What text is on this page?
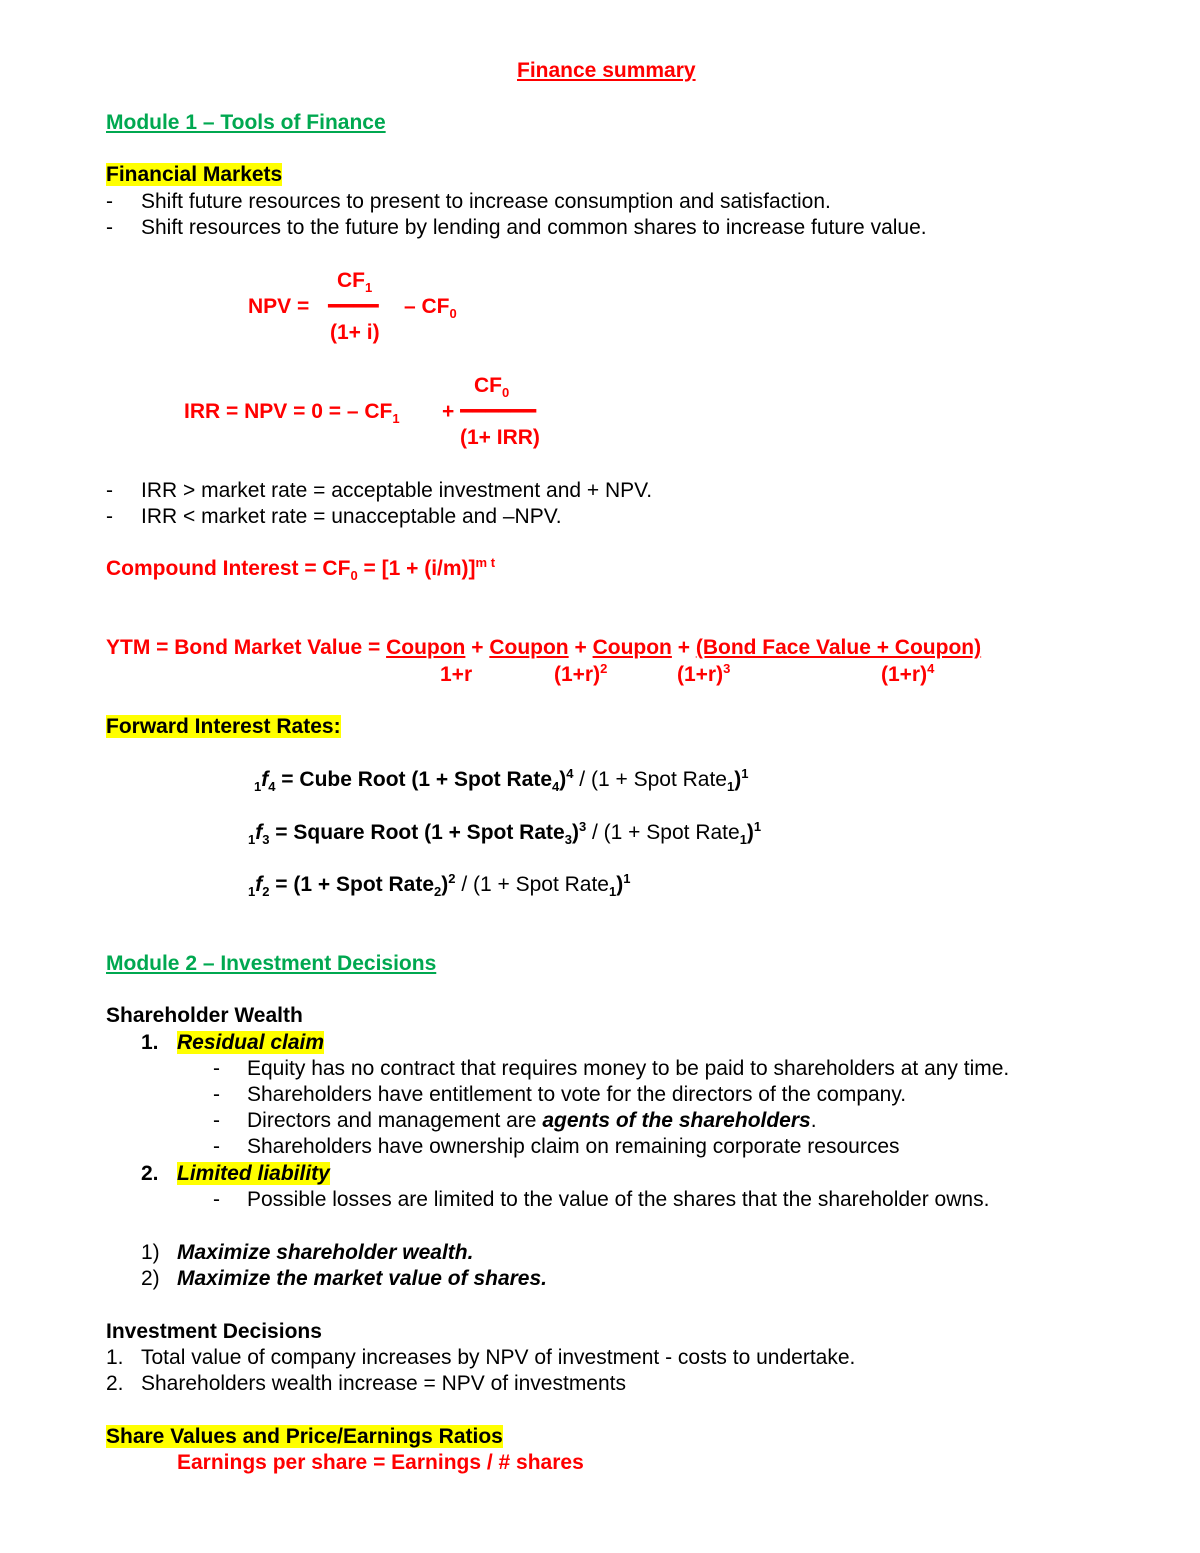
Finance summary
Module 1 – Tools of Finance
Financial Markets
- Shift future resources to present to increase consumption and satisfaction.
- Shift resources to the future by lending and common shares to increase future value.
$CF_1$
NPV = ━━━━ – $CF_0$
(1+ i)
$CF_0$
IRR = NPV = 0 = – $CF_1$ + ━━━━━━
(1+ IRR)
- IRR > market rate = acceptable investment and + NPV.
- IRR < market rate = unacceptable and –NPV.
Compound Interest = $CF_0 = [1 + (i/m)]^{m t}$
YTM = Bond Market Value = Coupon + Coupon + Coupon + (Bond Face Value + Coupon)
1+r	$(1+r)^2$	$(1+r)^3$	$(1+r)^4$
Forward Interest Rates:
$_1f_4$ = Cube Root (1 + Spot Rate$_4$)$^4$ / (1 + Spot Rate$_1$)$^1$
$_1f_3$ = Square Root (1 + Spot Rate$_3$)$^3$ / (1 + Spot Rate$_1$)$^1$
$_1f_2 = (1$ + Spot Rate$_2$)$^2$ / (1 + Spot Rate$_1$)$^1$
Module 2 – Investment Decisions
Shareholder Wealth
1. Residual claim
- Equity has no contract that requires money to be paid to shareholders at any time.
- Shareholders have entitlement to vote for the directors of the company.
- Directors and management are agents of the shareholders.
- Shareholders have ownership claim on remaining corporate resources
2. Limited liability
- Possible losses are limited to the value of the shares that the shareholder owns.
1) Maximize shareholder wealth.
2) Maximize the market value of shares.
Investment Decisions
1. Total value of company increases by NPV of investment - costs to undertake.
2. Shareholders wealth increase = NPV of investments
Share Values and Price/Earnings Ratios
Earnings per share = Earnings / # shares
